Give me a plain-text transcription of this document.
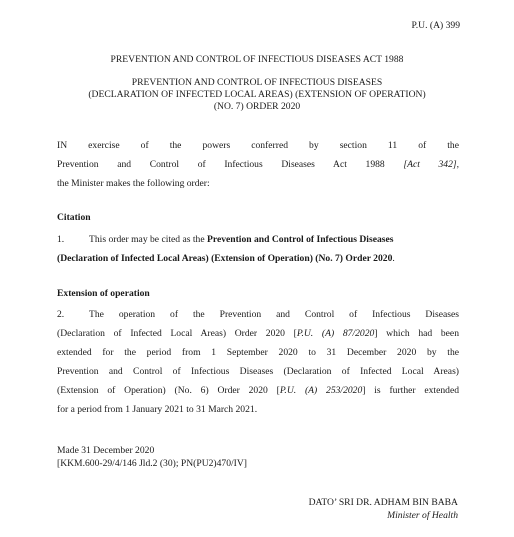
P.U. (A) 399
PREVENTION AND CONTROL OF INFECTIOUS DISEASES ACT 1988
PREVENTION AND CONTROL OF INFECTIOUS DISEASES
(DECLARATION OF INFECTED LOCAL AREAS) (EXTENSION OF OPERATION)
(NO. 7) ORDER 2020
IN exercise of the powers conferred by section 11 of the
Prevention and Control of Infectious Diseases Act 1988 [Act 342],
the Minister makes the following order:
Citation
1.	This order may be cited as the Prevention and Control of Infectious Diseases
(Declaration of Infected Local Areas) (Extension of Operation) (No. 7) Order 2020.
Extension of operation
2.	The operation of the Prevention and Control of Infectious Diseases
(Declaration of Infected Local Areas) Order 2020 [P.U. (A) 87/2020] which had been
extended for the period from 1 September 2020 to 31 December 2020 by the
Prevention and Control of Infectious Diseases (Declaration of Infected Local Areas)
(Extension of Operation) (No. 6) Order 2020 [P.U. (A) 253/2020] is further extended
for a period from 1 January 2021 to 31 March 2021.
Made 31 December 2020
[KKM.600-29/4/146 Jld.2 (30); PN(PU2)470/IV]
DATO’ SRI DR. ADHAM BIN BABA
Minister of Health
